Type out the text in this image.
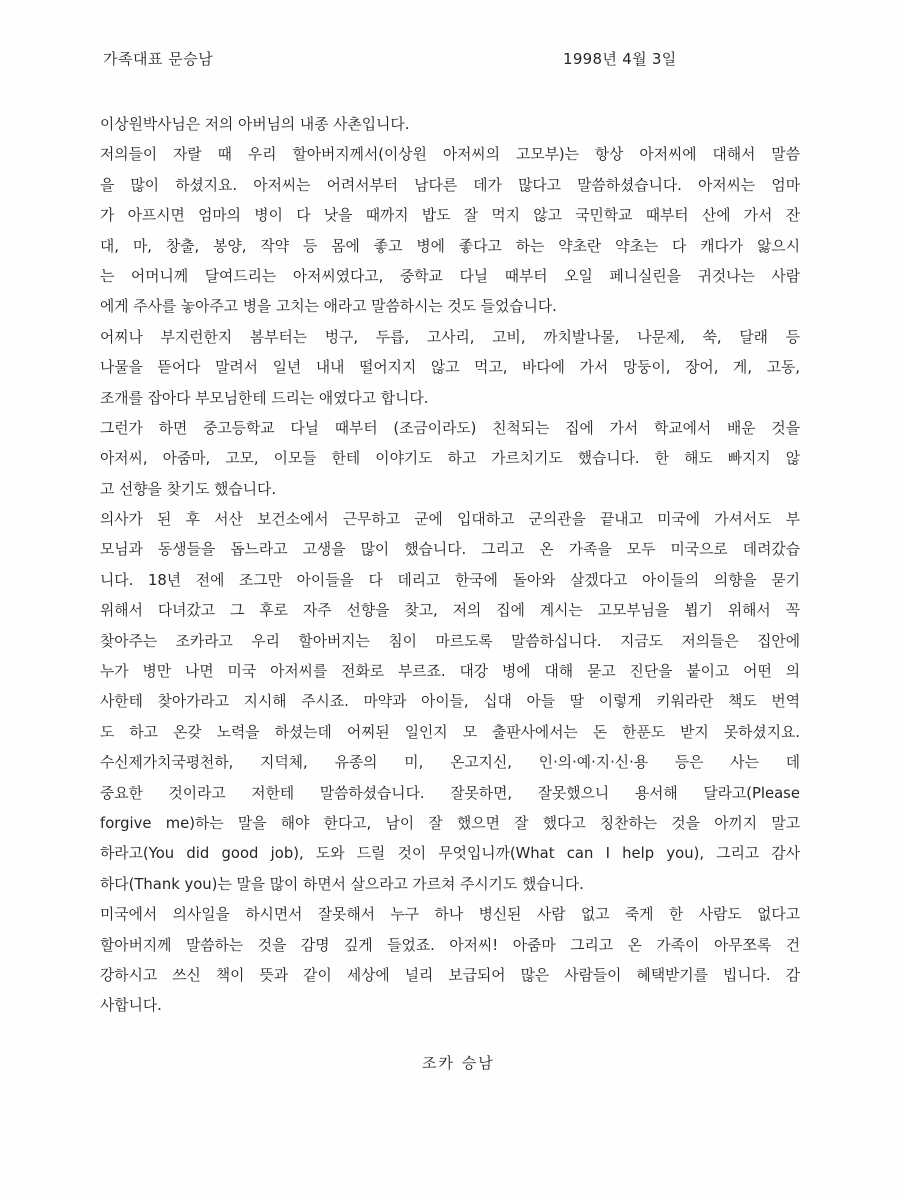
가족대표 문승남	1998년 4월 3일
이상원박사님은 저의 아버님의 내종 사촌입니다.
저의들이 자랄 때 우리 할아버지께서(이상원 아저씨의 고모부)는 항상 아저씨에 대해서 말씀
을 많이 하셨지요. 아저씨는 어려서부터 남다른 데가 많다고 말씀하셨습니다. 아저씨는 엄마
가 아프시면 엄마의 병이 다 낫을 때까지 밥도 잘 먹지 않고 국민학교 때부터 산에 가서 잔
대, 마, 창출, 봉양, 작약 등 몸에 좋고 병에 좋다고 하는 약초란 약초는 다 캐다가 앓으시
는 어머니께 달여드리는 아저씨였다고, 중학교 다닐 때부터 오일 페니실린을 귀것나는 사람
에게 주사를 놓아주고 병을 고치는 애라고 말씀하시는 것도 들었습니다.
어찌나 부지런한지 봄부터는 벙구, 두릅, 고사리, 고비, 까치발나물, 나문제, 쑥, 달래 등
나물을 뜯어다 말려서 일년 내내 떨어지지 않고 먹고, 바다에 가서 망둥이, 장어, 게, 고동,
조개를 잡아다 부모님한테 드리는 애였다고 합니다.
그런가 하면 중고등학교 다닐 때부터 (조금이라도) 친척되는 집에 가서 학교에서 배운 것을
아저씨, 아줌마, 고모, 이모들 한테 이야기도 하고 가르치기도 했습니다. 한 해도 빠지지 않
고 선향을 찾기도 했습니다.
의사가 된 후 서산 보건소에서 근무하고 군에 입대하고 군의관을 끝내고 미국에 가셔서도 부
모님과 동생들을 돕느라고 고생을 많이 했습니다. 그리고 온 가족을 모두 미국으로 데려갔습
니다. 18년 전에 조그만 아이들을 다 데리고 한국에 돌아와 살겠다고 아이들의 의향을 묻기
위해서 다녀갔고 그 후로 자주 선향을 찾고, 저의 집에 계시는 고모부님을 뵙기 위해서 꼭
찾아주는 조카라고 우리 할아버지는 침이 마르도록 말씀하십니다. 지금도 저의들은 집안에
누가 병만 나면 미국 아저씨를 전화로 부르죠. 대강 병에 대해 묻고 진단을 붙이고 어떤 의
사한테 찾아가라고 지시해 주시죠. 마약과 아이들, 십대 아들 딸 이렇게 키워라란 책도 번역
도 하고 온갖 노력을 하셨는데 어찌된 일인지 모 출판사에서는 돈 한푼도 받지 못하셨지요.
수신제가치국평천하, 지덕체, 유종의 미, 온고지신, 인·의·예·지·신·용 등은 사는 데
중요한 것이라고 저한테 말씀하셨습니다. 잘못하면, 잘못했으니 용서해 달라고(Please
forgive me)하는 말을 해야 한다고, 남이 잘 했으면 잘 했다고 칭찬하는 것을 아끼지 말고
하라고(You did good job), 도와 드릴 것이 무엇입니까(What can I help you), 그리고 감사
하다(Thank you)는 말을 많이 하면서 살으라고 가르쳐 주시기도 했습니다.
미국에서 의사일을 하시면서 잘못해서 누구 하나 병신된 사람 없고 죽게 한 사람도 없다고
할아버지께 말씀하는 것을 감명 깊게 들었죠. 아저씨! 아줌마 그리고 온 가족이 아무쪼록 건
강하시고 쓰신 책이 뜻과 같이 세상에 널리 보급되어 많은 사람들이 혜택받기를 빕니다. 감
사합니다.
조카 승남
